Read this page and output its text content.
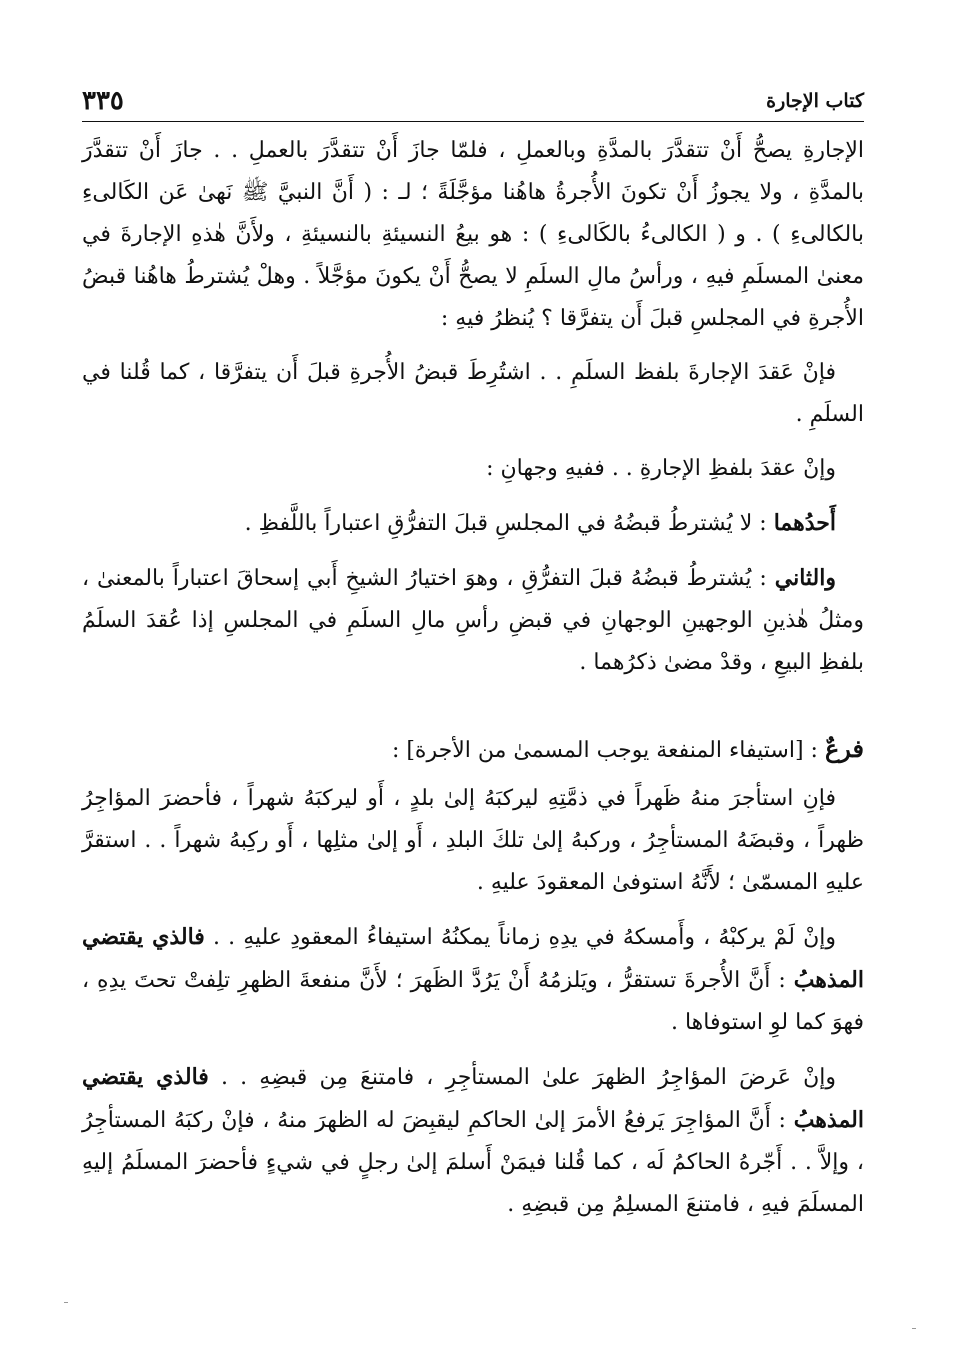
كتاب الإجارة
٣٣٥

الإجارةِ يصحُّ أَنْ تتقدَّرَ بالمدَّةِ وبالعملِ ، فلمّا جازَ أَنْ تتقدَّرَ بالعملِ . . جازَ أَنْ تتقدَّرَ بالمدَّةِ ، ولا يجوزُ أَنْ تكونَ الأُجرةُ هاهُنا مؤجَّلَةً ؛ لـ : ( أَنَّ النبيَّ ﷺ نَهىٰ عَن الكَالىءِ بالكالىءِ ) . و ( الكالىءُ بالكَالىءِ ) : هو بيعُ النسيئةِ بالنسيئةِ ، ولأَنَّ هٰذهِ الإجارةَ في معنىٰ المسلَمِ فيهِ ، ورأسُ مالِ السلَمِ لا يصحُّ أَنْ يكونَ مؤجَّلاً . وهلْ يُشترطُ هاهُنا قبضُ الأُجرةِ في المجلسِ قبلَ أَن يتفرَّقا ؟ يُنظرُ فيهِ :

فإنْ عَقدَ الإجارةَ بلفظ السلَمِ . . اشتُرِطَ قبضُ الأُجرةِ قبلَ أَن يتفرَّقا ، كما قُلنا في السلَمِ .

وإنْ عقدَ بلفظِ الإجارةِ . . ففيهِ وجهانِ :

أَحدُهما : لا يُشترطُ قبضُهُ في المجلسِ قبلَ التفرُّقِ اعتباراً باللَّفظِ .

والثاني : يُشترطُ قبضُهُ قبلَ التفرُّقِ ، وهوَ اختيارُ الشيخِ أَبي إسحاقَ اعتباراً بالمعنىٰ ، ومثلُ هٰذينِ الوجهينِ الوجهانِ في قبضِ رأسِ مالِ السلَمِ في المجلسِ إذا عُقدَ السلَمُ بلفظِ البيعِ ، وقدْ مضىٰ ذكرُهما .

فرعٌ : [استيفاء المنفعة يوجب المسمىٰ من الأجرة] :

فإنِ استأجرَ منهُ ظَهراً في ذمَّتِهِ ليركبَهُ إلىٰ بلدٍ ، أَو ليركبَهُ شهراً ، فأحضرَ المؤاجِرُ ظهراً ، وقبضَهُ المستأجِرُ ، وركبهُ إلىٰ تلكَ البلدِ ، أَو إلىٰ مثلِها ، أَو ركِبهُ شهراً . . استقرَّ عليهِ المسمّىٰ ؛ لأَنَّهُ استوفىٰ المعقودَ عليهِ .

وإنْ لَمْ يركبْهُ ، وأَمسكهُ في يدِهِ زماناً يمكنُهُ استيفاءُ المعقودِ عليهِ . . فالذي يقتضي المذهبُ : أَنَّ الأُجرةَ تستقرُّ ، ويَلزمُهُ أَنْ يَرُدَّ الظَهرَ ؛ لأَنَّ منفعةَ الظهرِ تلِفتْ تحتَ يدِهِ ، فهوَ كما لوِ استوفاها .

وإنْ عَرضَ المؤاجِرُ الظهرَ علىٰ المستأجِرِ ، فامتنعَ مِن قبضِهِ . . فالذي يقتضي المذهبُ : أَنَّ المؤاجِرَ يَرفعُ الأمرَ إلىٰ الحاكمِ ليقبِضَ له الظهرَ منهُ ، فإنْ ركبَهُ المستأجِرُ ، وإلاَّ . . أَجّرهُ الحاكمُ لَه ، كما قُلنا فيمَنْ أَسلمَ إلىٰ رجلٍ في شيءٍ فأحضرَ المسلَمُ إليهِ المسلَمَ فيهِ ، فامتنعَ المسلِمُ مِن قبضِهِ .
